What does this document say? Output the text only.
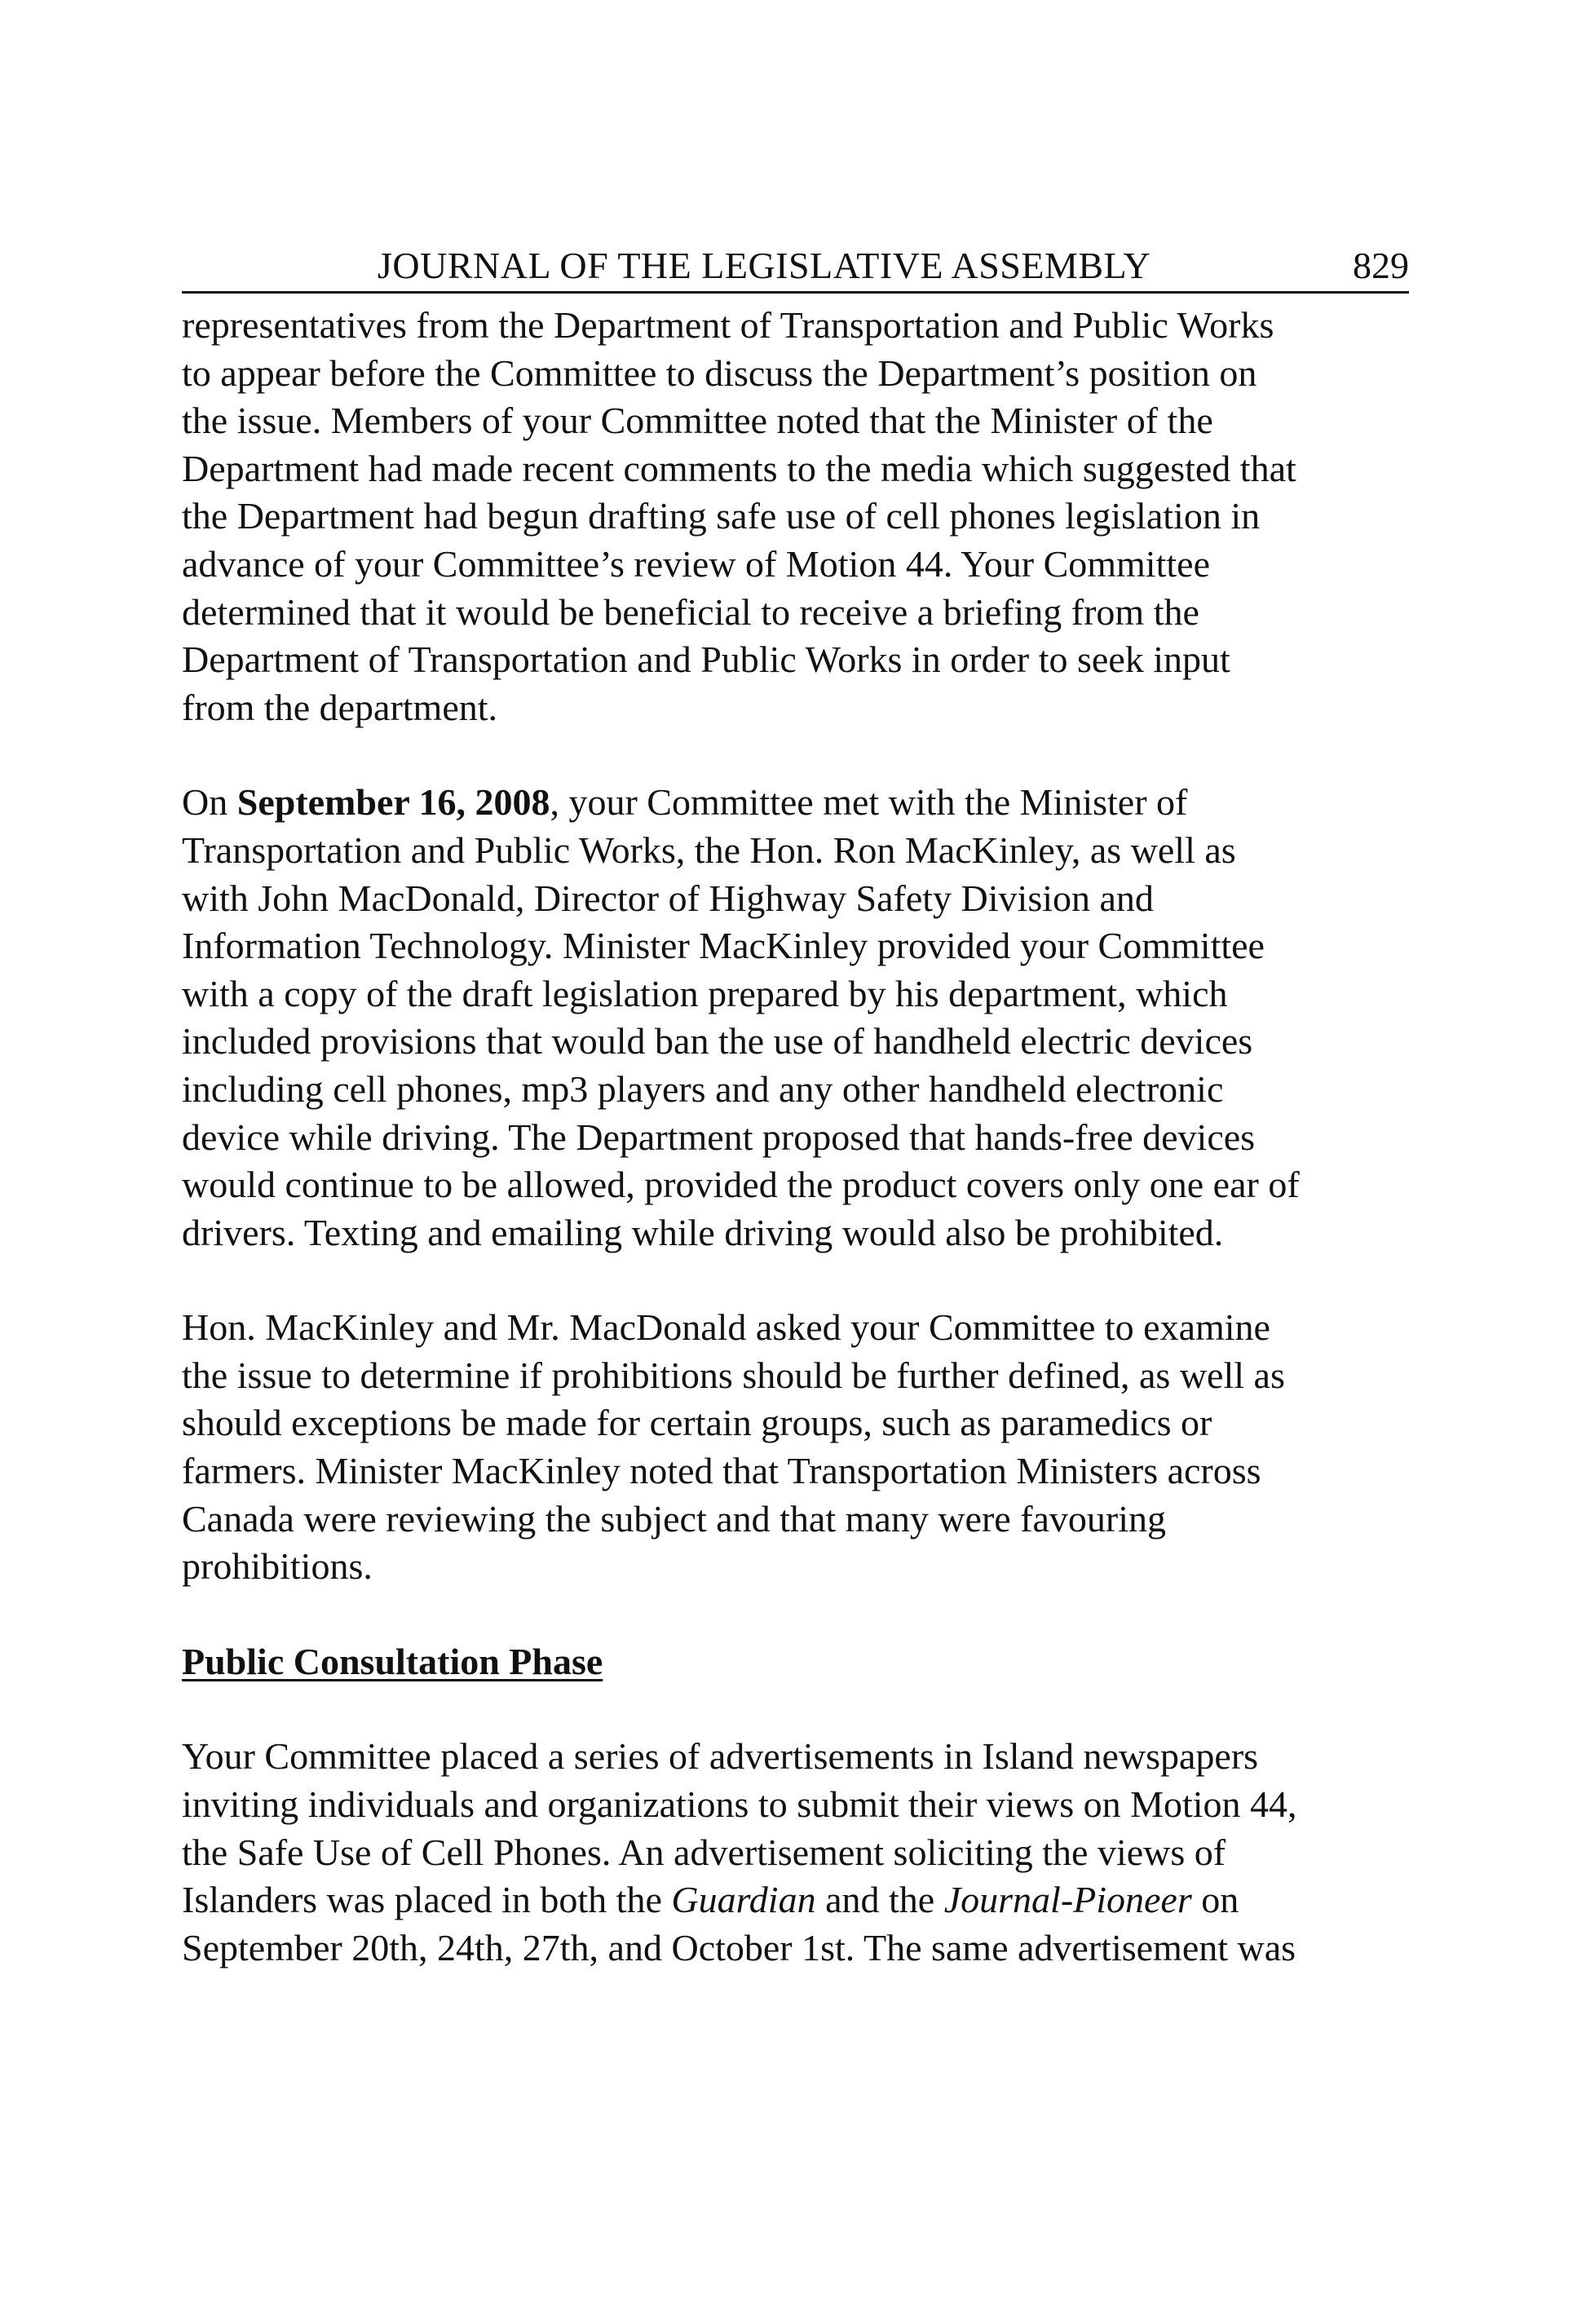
JOURNAL OF THE LEGISLATIVE ASSEMBLY	829
representatives from the Department of Transportation and Public Works
to appear before the Committee to discuss the Department’s position on
the issue. Members of your Committee noted that the Minister of the
Department had made recent comments to the media which suggested that
the Department had begun drafting safe use of cell phones legislation in
advance of your Committee’s review of Motion 44. Your Committee
determined that it would be beneficial to receive a briefing from the
Department of Transportation and Public Works in order to seek input
from the department.
On September 16, 2008, your Committee met with the Minister of
Transportation and Public Works, the Hon. Ron MacKinley, as well as
with John MacDonald, Director of Highway Safety Division and
Information Technology. Minister MacKinley provided your Committee
with a copy of the draft legislation prepared by his department, which
included provisions that would ban the use of handheld electric devices
including cell phones, mp3 players and any other handheld electronic
device while driving. The Department proposed that hands-free devices
would continue to be allowed, provided the product covers only one ear of
drivers. Texting and emailing while driving would also be prohibited.
Hon. MacKinley and Mr. MacDonald asked your Committee to examine
the issue to determine if prohibitions should be further defined, as well as
should exceptions be made for certain groups, such as paramedics or
farmers. Minister MacKinley noted that Transportation Ministers across
Canada were reviewing the subject and that many were favouring
prohibitions.
Public Consultation Phase
Your Committee placed a series of advertisements in Island newspapers
inviting individuals and organizations to submit their views on Motion 44,
the Safe Use of Cell Phones. An advertisement soliciting the views of
Islanders was placed in both the Guardian and the Journal-Pioneer on
September 20th, 24th, 27th, and October 1st. The same advertisement was
